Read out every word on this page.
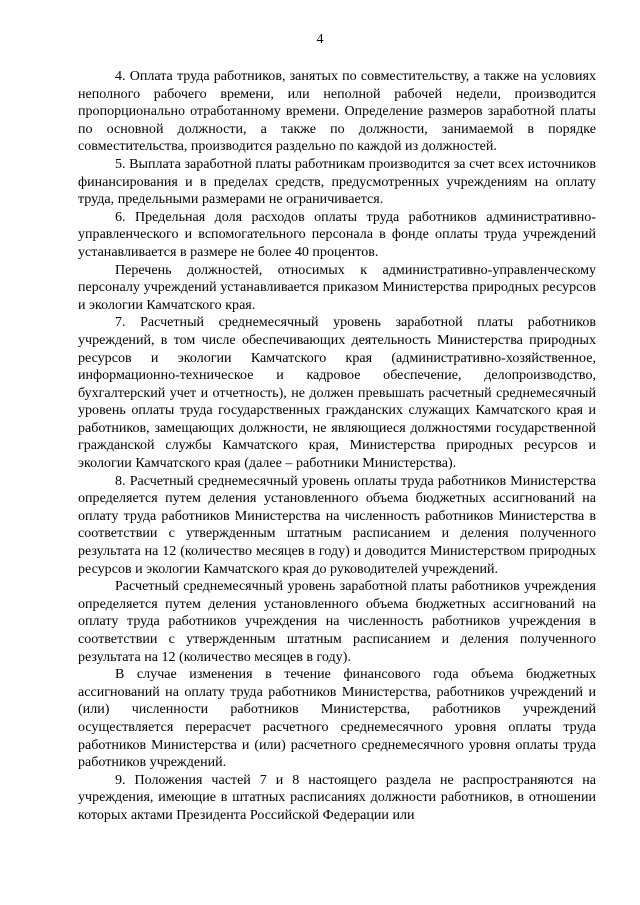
4

4. Оплата труда работников, занятых по совместительству, а также на условиях неполного рабочего времени, или неполной рабочей недели, производится пропорционально отработанному времени. Определение размеров заработной платы по основной должности, а также по должности, занимаемой в порядке совместительства, производится раздельно по каждой из должностей.

5. Выплата заработной платы работникам производится за счет всех источников финансирования и в пределах средств, предусмотренных учреждениям на оплату труда, предельными размерами не ограничивается.

6. Предельная доля расходов оплаты труда работников административно-управленческого и вспомогательного персонала в фонде оплаты труда учреждений устанавливается в размере не более 40 процентов.

Перечень должностей, относимых к административно-управленческому персоналу учреждений устанавливается приказом Министерства природных ресурсов и экологии Камчатского края.

7. Расчетный среднемесячный уровень заработной платы работников учреждений, в том числе обеспечивающих деятельность Министерства природных ресурсов и экологии Камчатского края (административно-хозяйственное, информационно-техническое и кадровое обеспечение, делопроизводство, бухгалтерский учет и отчетность), не должен превышать расчетный среднемесячный уровень оплаты труда государственных гражданских служащих Камчатского края и работников, замещающих должности, не являющиеся должностями государственной гражданской службы Камчатского края, Министерства природных ресурсов и экологии Камчатского края (далее – работники Министерства).

8. Расчетный среднемесячный уровень оплаты труда работников Министерства определяется путем деления установленного объема бюджетных ассигнований на оплату труда работников Министерства на численность работников Министерства в соответствии с утвержденным штатным расписанием и деления полученного результата на 12 (количество месяцев в году) и доводится Министерством природных ресурсов и экологии Камчатского края до руководителей учреждений.

Расчетный среднемесячный уровень заработной платы работников учреждения определяется путем деления установленного объема бюджетных ассигнований на оплату труда работников учреждения на численность работников учреждения в соответствии с утвержденным штатным расписанием и деления полученного результата на 12 (количество месяцев в году).

В случае изменения в течение финансового года объема бюджетных ассигнований на оплату труда работников Министерства, работников учреждений и (или) численности работников Министерства, работников учреждений осуществляется перерасчет расчетного среднемесячного уровня оплаты труда работников Министерства и (или) расчетного среднемесячного уровня оплаты труда работников учреждений.

9. Положения частей 7 и 8 настоящего раздела не распространяются на учреждения, имеющие в штатных расписаниях должности работников, в отношении которых актами Президента Российской Федерации или
